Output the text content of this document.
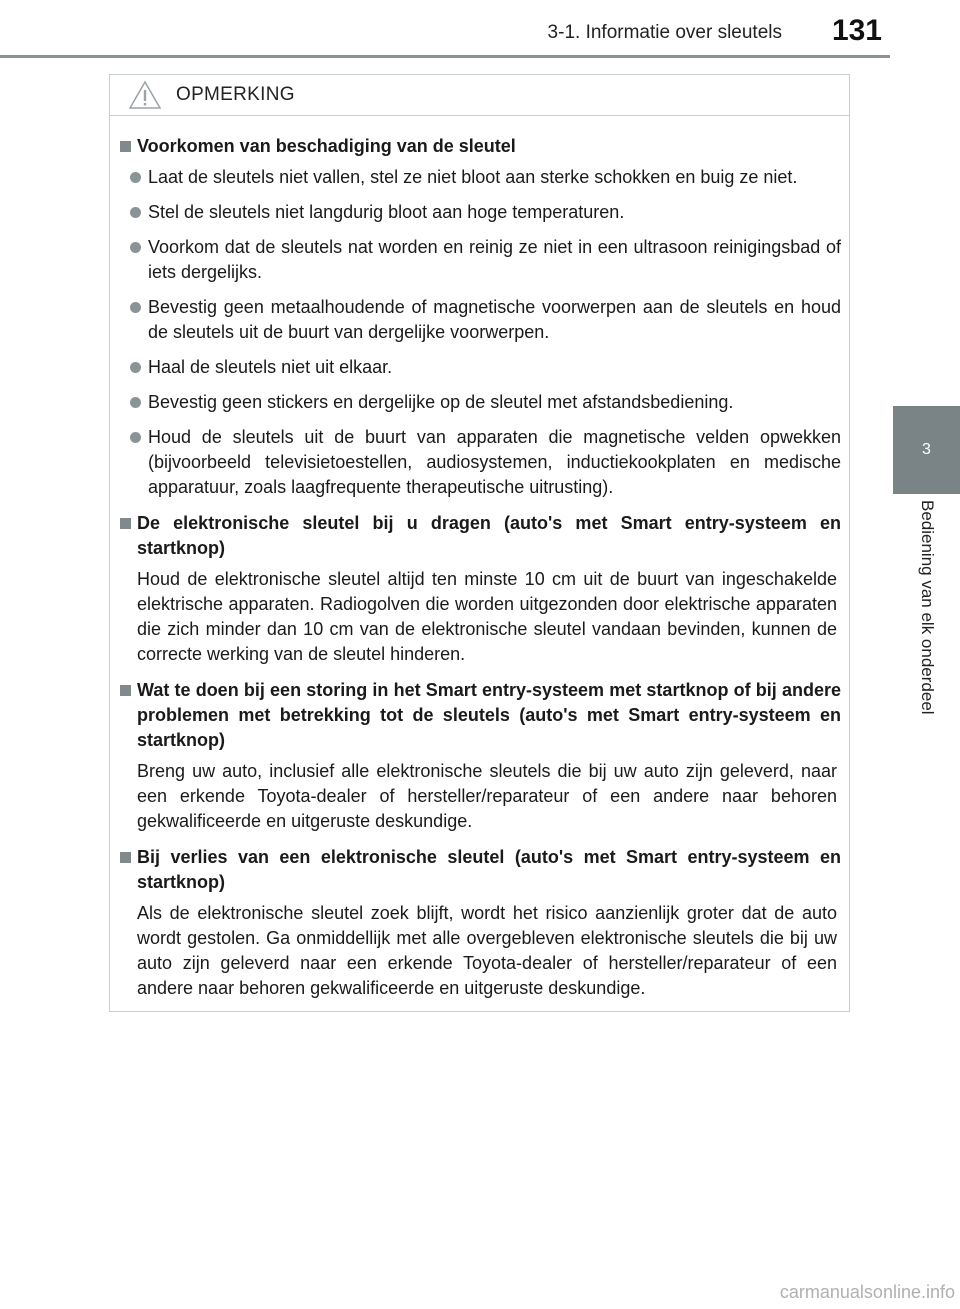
3-1. Informatie over sleutels	131
3
Bediening van elk onderdeel
OPMERKING
Voorkomen van beschadiging van de sleutel
Laat de sleutels niet vallen, stel ze niet bloot aan sterke schokken en buig ze niet.
Stel de sleutels niet langdurig bloot aan hoge temperaturen.
Voorkom dat de sleutels nat worden en reinig ze niet in een ultrasoon reinigingsbad of iets dergelijks.
Bevestig geen metaalhoudende of magnetische voorwerpen aan de sleutels en houd de sleutels uit de buurt van dergelijke voorwerpen.
Haal de sleutels niet uit elkaar.
Bevestig geen stickers en dergelijke op de sleutel met afstandsbediening.
Houd de sleutels uit de buurt van apparaten die magnetische velden opwekken (bijvoorbeeld televisietoestellen, audiosystemen, inductiekookplaten en medische apparatuur, zoals laagfrequente therapeutische uitrusting).
De elektronische sleutel bij u dragen (auto's met Smart entry-systeem en startknop)
Houd de elektronische sleutel altijd ten minste 10 cm uit de buurt van ingeschakelde elektrische apparaten. Radiogolven die worden uitgezonden door elektrische apparaten die zich minder dan 10 cm van de elektronische sleutel vandaan bevinden, kunnen de correcte werking van de sleutel hinderen.
Wat te doen bij een storing in het Smart entry-systeem met startknop of bij andere problemen met betrekking tot de sleutels (auto's met Smart entry-systeem en startknop)
Breng uw auto, inclusief alle elektronische sleutels die bij uw auto zijn geleverd, naar een erkende Toyota-dealer of hersteller/reparateur of een andere naar behoren gekwalificeerde en uitgeruste deskundige.
Bij verlies van een elektronische sleutel (auto's met Smart entry-systeem en startknop)
Als de elektronische sleutel zoek blijft, wordt het risico aanzienlijk groter dat de auto wordt gestolen. Ga onmiddellijk met alle overgebleven elektronische sleutels die bij uw auto zijn geleverd naar een erkende Toyota-dealer of hersteller/reparateur of een andere naar behoren gekwalificeerde en uitgeruste deskundige.
carmanualsonline.info
